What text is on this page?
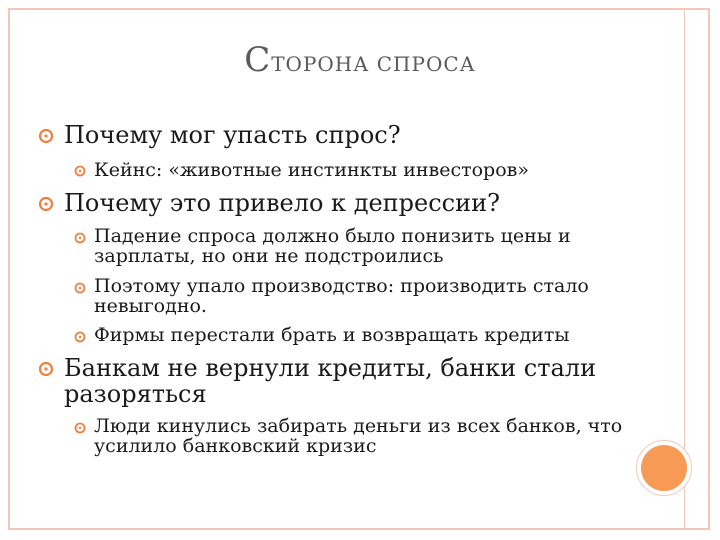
СТОРОНА СПРОСА
Почему мог упасть спрос?
Кейнс: «животные инстинкты инвесторов»
Почему это привело к депрессии?
Падение спроса должно было понизить цены и
зарплаты, но они не подстроились
Поэтому упало производство: производить стало
невыгодно.
Фирмы перестали брать и возвращать кредиты
Банкам не вернули кредиты, банки стали
разоряться
Люди кинулись забирать деньги из всех банков, что
усилило банковский кризис
